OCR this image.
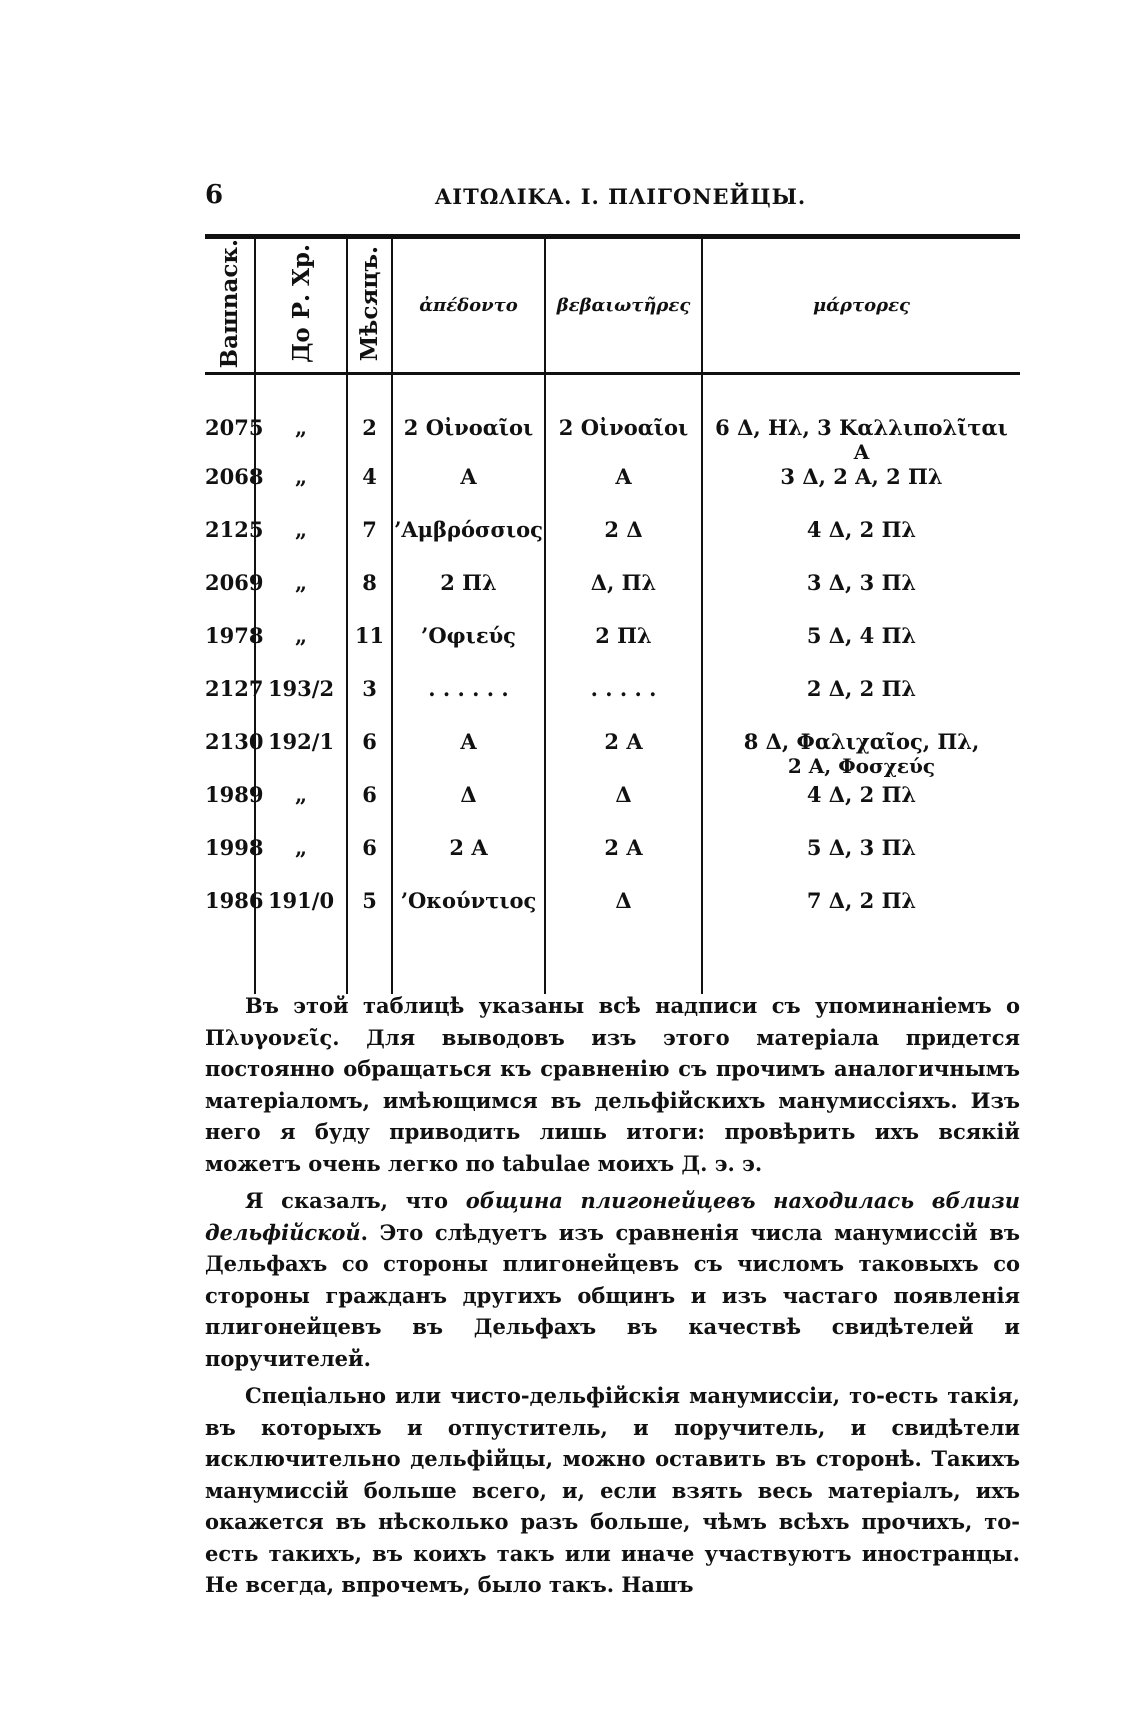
6	ΑΙΤΩΛΙΚΑ. I. ΠΛΙΓΟΝΕЙЦЫ.
Вашnаск.	До Р. Хр.	Мѣсяцъ.	ἀπέδοντο	βεβαιωτῆρες	μάρτορες
2075	„	2	2 Οἰνοαῖοι	2 Οἰνοαῖοι	6 Δ, Ηλ, 3 Καλλιπολῖται
Α

2068	„	4	Α	Α	3 Δ, 2 Α, 2 Πλ
2125	„	7	’Αμβρόσσιος	2 Δ	4 Δ, 2 Πλ
2069	„	8	2 Πλ	Δ, Πλ	3 Δ, 3 Πλ
1978	„	11	’Οφιεύς	2 Πλ	5 Δ, 4 Πλ
2127	193/2	3	. . . . . .	. . . . .	2 Δ, 2 Πλ
2130	192/1	6	Α	2 Α	8 Δ, Φαλιχαῖος, Πλ,
2 Α, Φοσχεύς

1989	„	6	Δ	Δ	4 Δ, 2 Πλ
1998	„	6	2 Α	2 Α	5 Δ, 3 Πλ
1986	191/0	5	’Οκούντιος	Δ	7 Δ, 2 Πλ

Въ этой таблицѣ указаны всѣ надписи съ упоминаніемъ о Πλυγονεῖς. Для выводовъ изъ этого матеріала придется постоянно обращаться къ сравненію съ прочимъ аналогичнымъ матеріаломъ, имѣющимся въ дельфійскихъ манумиссіяхъ. Изъ него я буду приводить лишь итоги: провѣрить ихъ всякій можетъ очень легко по tabulae моихъ Д. э. э.

Я сказалъ, что община плигонейцевъ находилась вблизи дельфійской. Это слѣдуетъ изъ сравненія числа манумиссій въ Дельфахъ со стороны плигонейцевъ съ числомъ таковыхъ со стороны гражданъ другихъ общинъ и изъ частаго появленія плигонейцевъ въ Дельфахъ въ качествѣ свидѣтелей и поручителей.

Спеціально или чисто-дельфійскія манумиссіи, то-есть такія, въ которыхъ и отпуститель, и поручитель, и свидѣтели исключительно дельфійцы, можно оставить въ сторонѣ. Такихъ манумиссій больше всего, и, если взять весь матеріалъ, ихъ окажется въ нѣсколько разъ больше, чѣмъ всѣхъ прочихъ, то-есть такихъ, въ коихъ такъ или иначе участвуютъ иностранцы. Не всегда, впрочемъ, было такъ. Нашъ
